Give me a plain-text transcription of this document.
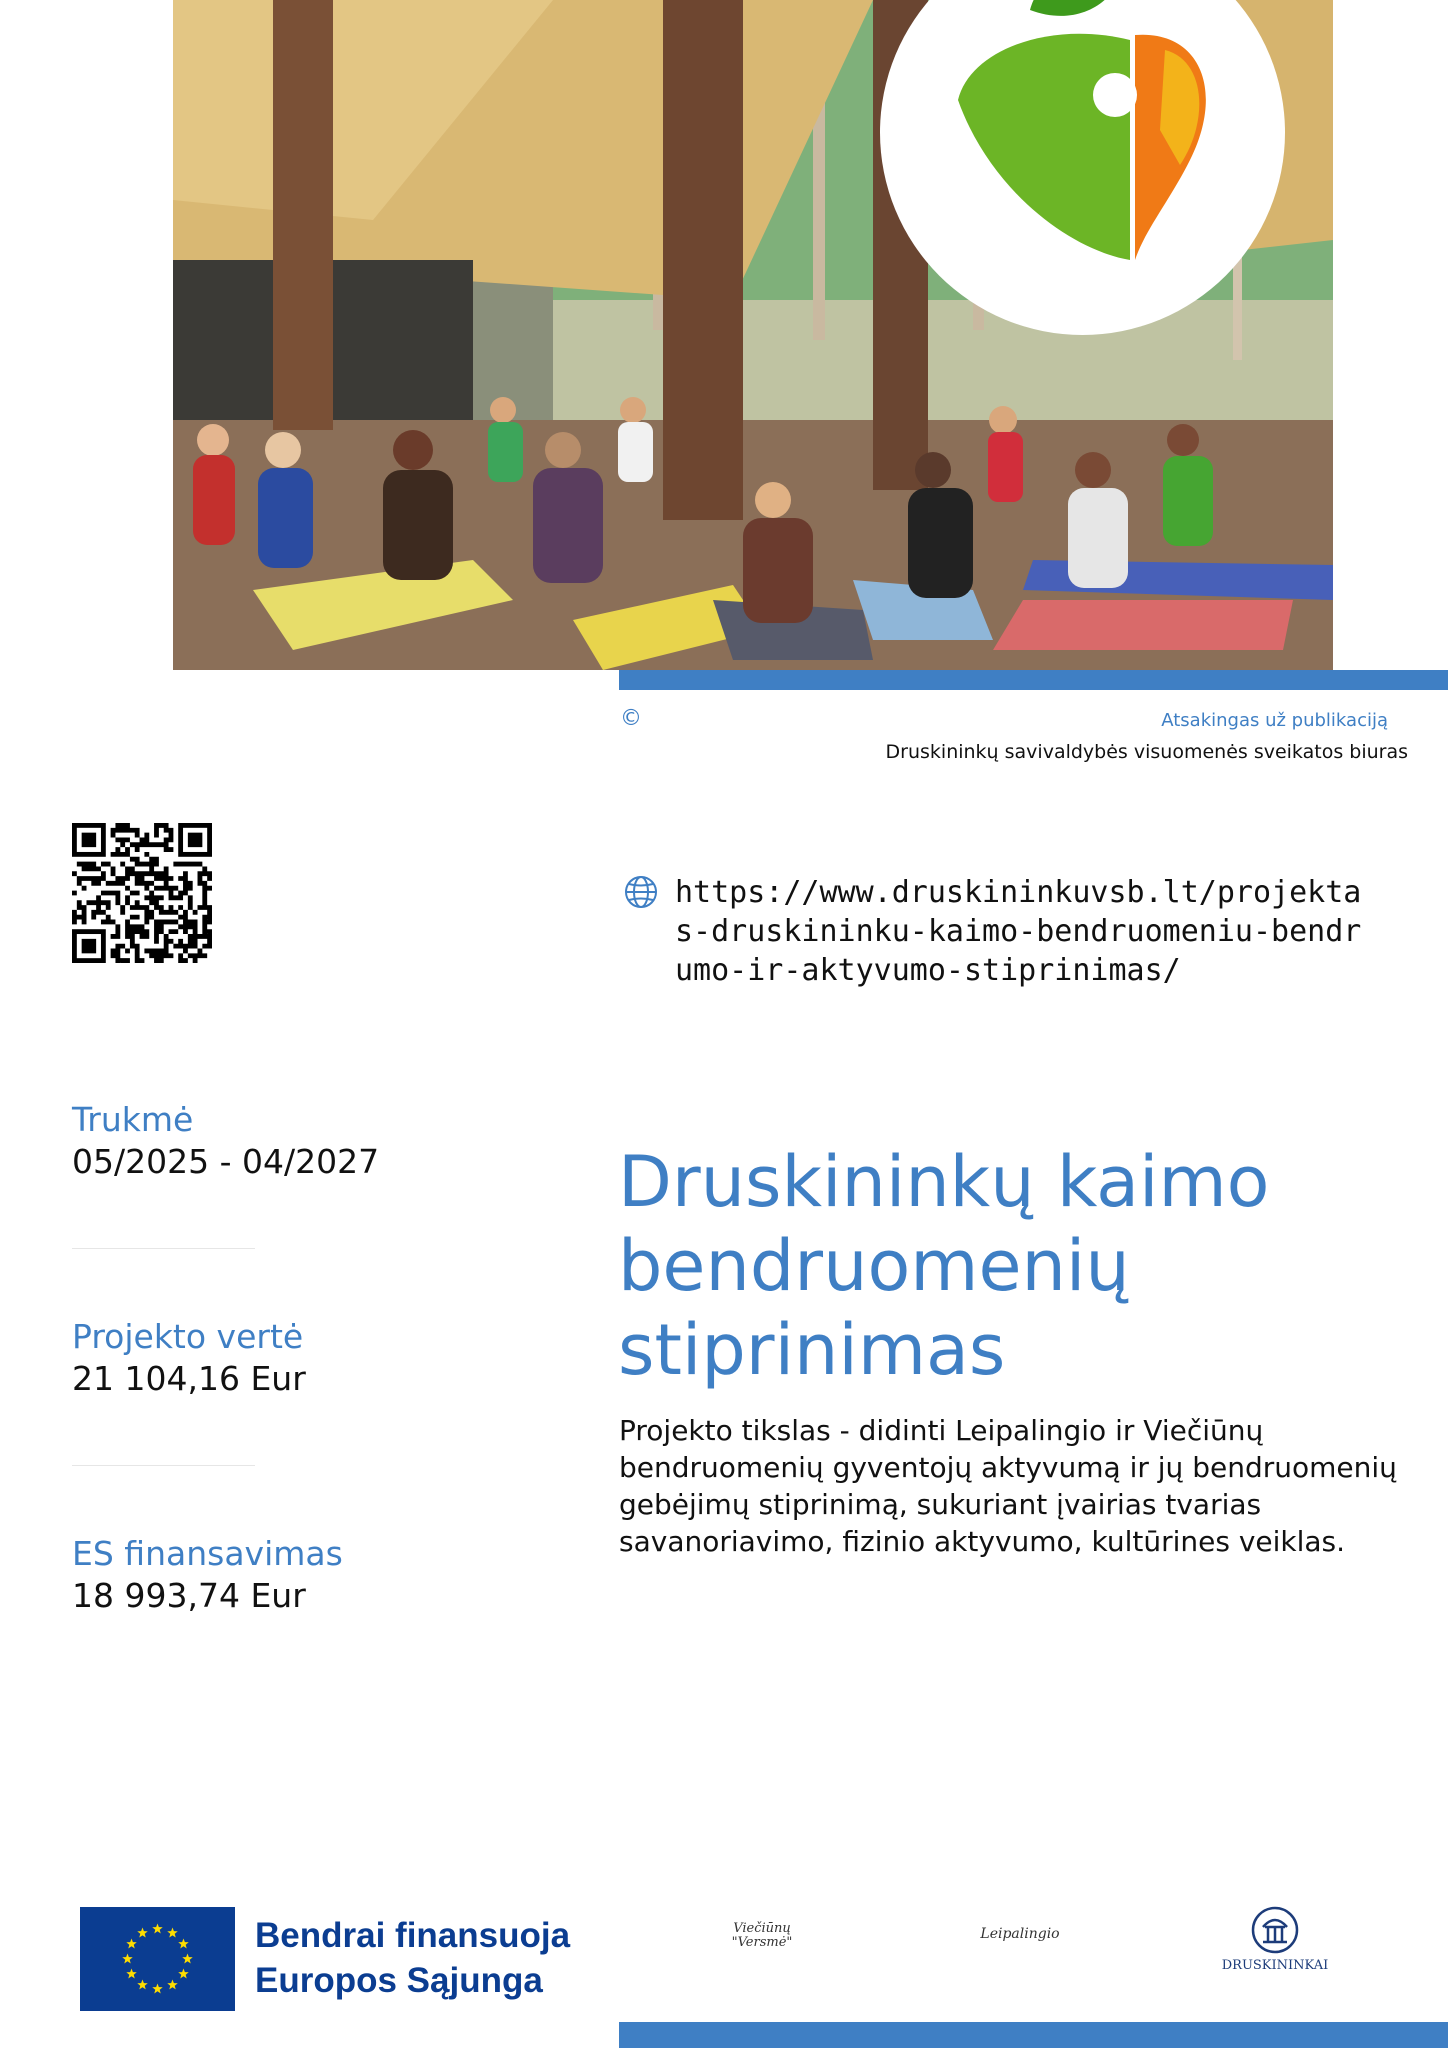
©	Atsakingas už publikaciją
Druskininkų savivaldybės visuomenės sveikatos biuras
https://www.druskininkuvsb.lt/projektas-druskininku-kaimo-bendruomeniu-bendrumo-ir-aktyvumo-stiprinimas/
Trukmė
05/2025 - 04/2027
Projekto vertė
21 104,16 Eur
ES finansavimas
18 993,74 Eur
Druskininkų kaimo bendruomenių stiprinimas
Projekto tikslas - didinti Leipalingio ir Viečiūnų bendruomenių gyventojų aktyvumą ir jų bendruomenių gebėjimų stiprinimą, sukuriant įvairias tvarias savanoriavimo, fizinio aktyvumo, kultūrines veiklas.
Bendrai finansuoja
Europos Sąjunga
Viečiūnų "Versmė"
Leipalingio
DRUSKININKAI
